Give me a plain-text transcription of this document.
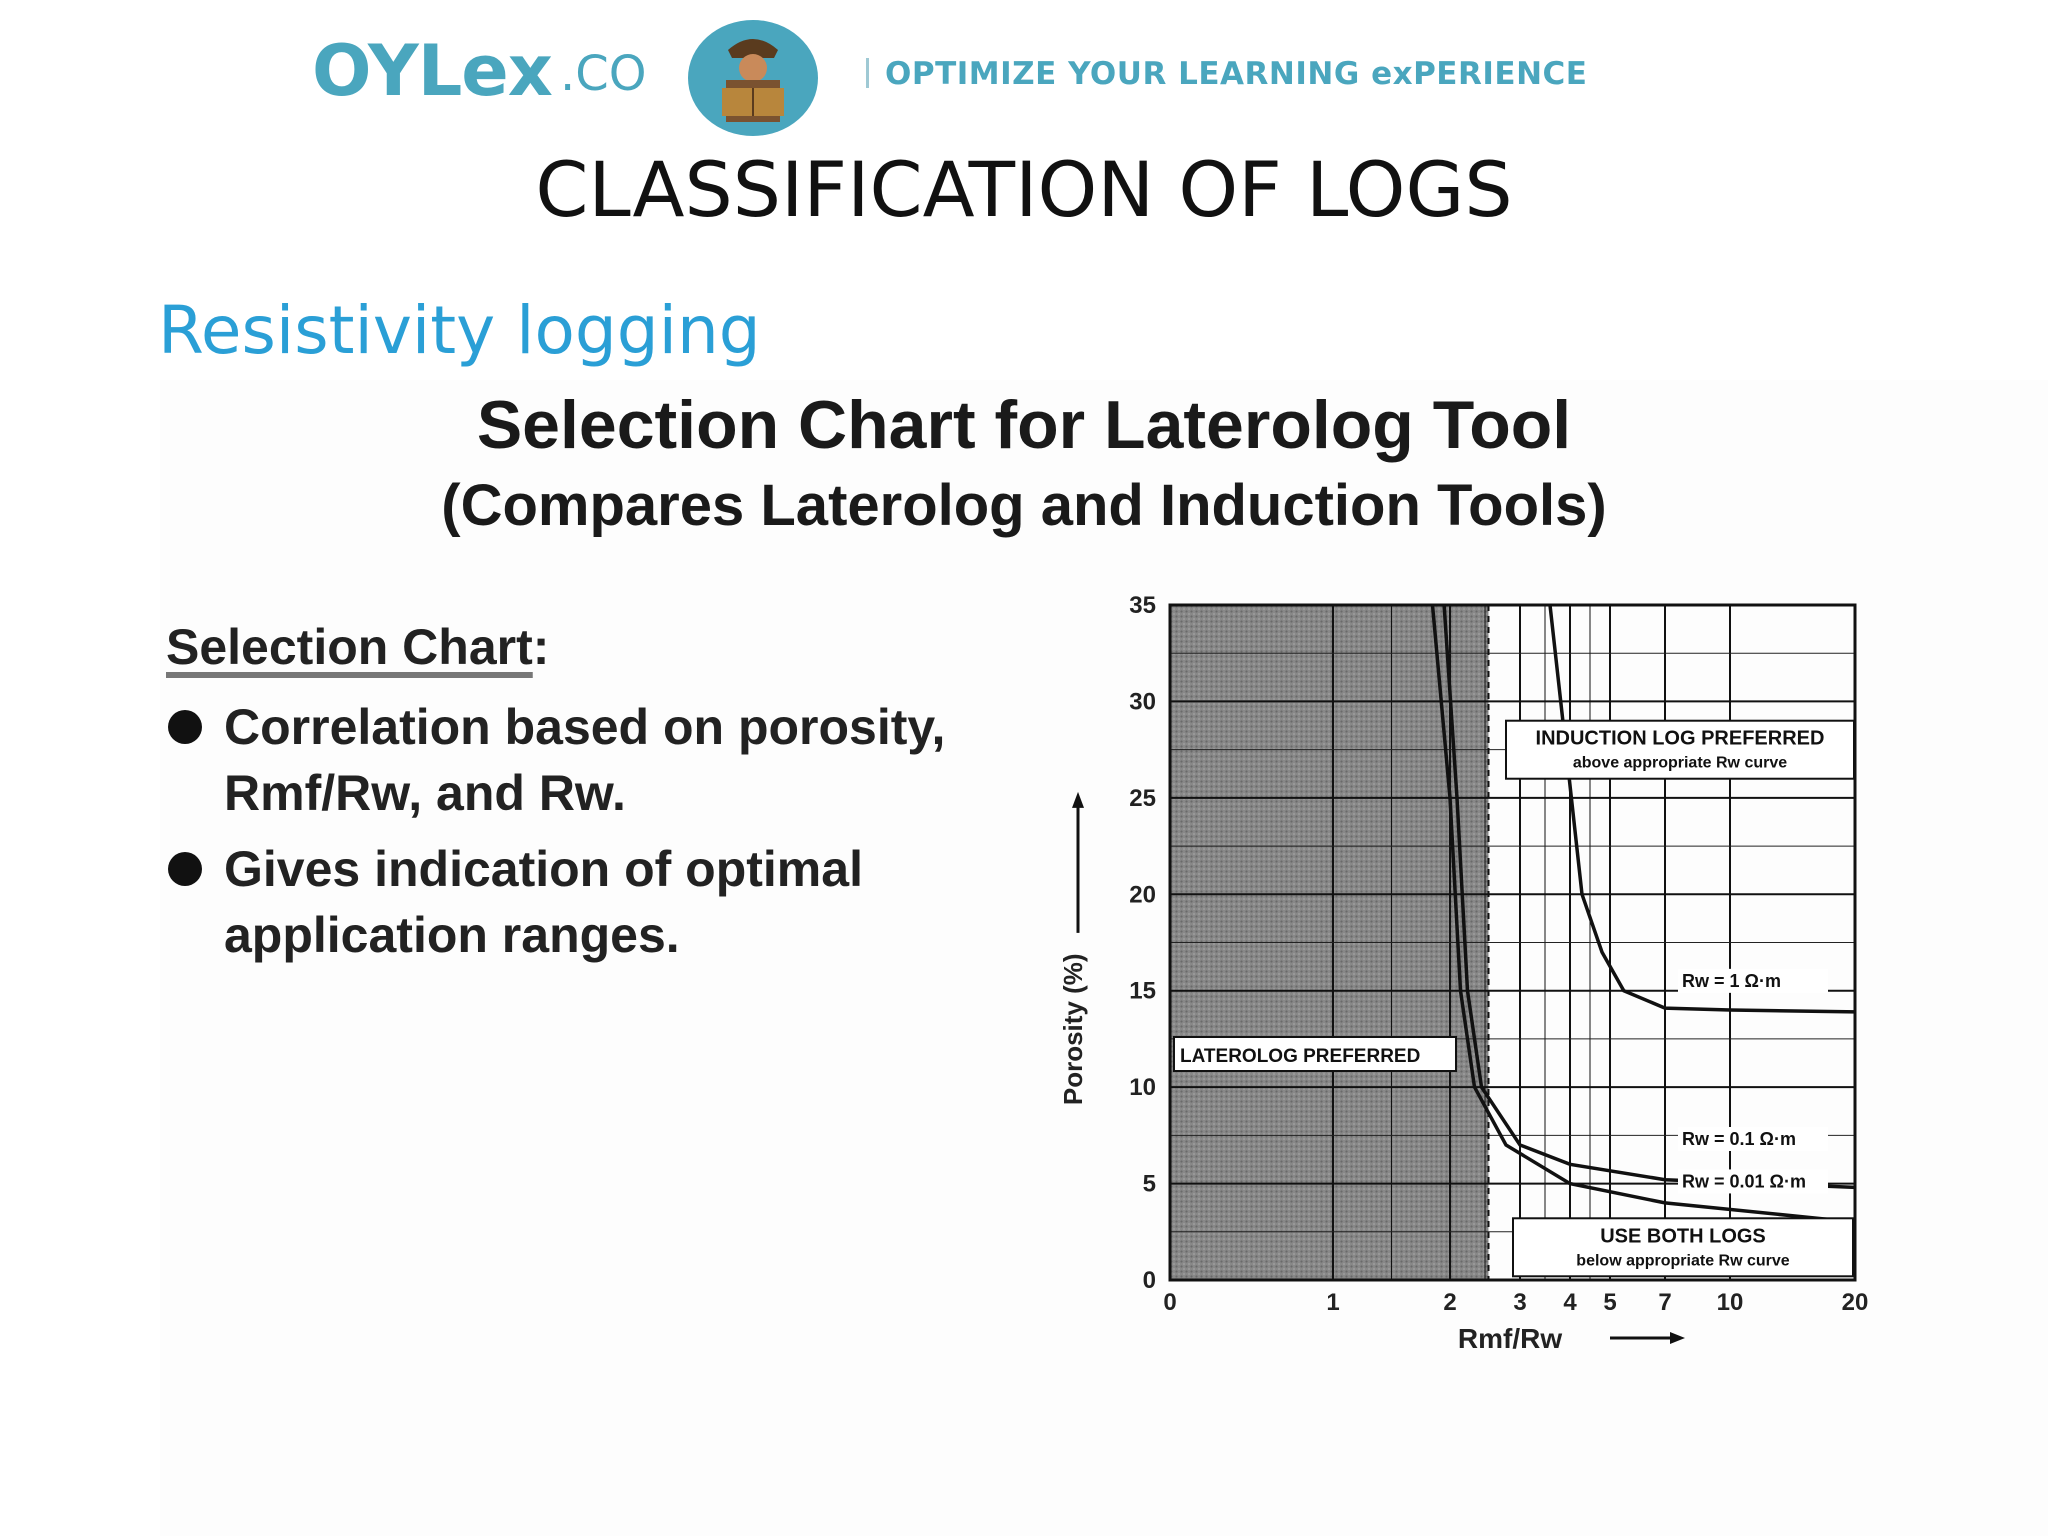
OYLex .CO	OPTIMIZE YOUR LEARNING exPERIENCE
CLASSIFICATION OF LOGS
Resistivity logging
Selection Chart for Laterolog Tool
(Compares Laterolog and Induction Tools)
Selection Chart:
Correlation based on porosity, Rmf/Rw, and Rw.
Gives indication of optimal application ranges.
0	1	2 3 4 5 7 10	20
0
5
10
15
20
25
30
35
Rmf/Rw
Porosity (%)	Rw = 1 Ω·m
Rw = 0.1 Ω·m
Rw = 0.01 Ω·m
LATEROLOG PREFERRED
INDUCTION LOG PREFERRED
above appropriate Rw curve
USE BOTH LOGS
below appropriate Rw curve
